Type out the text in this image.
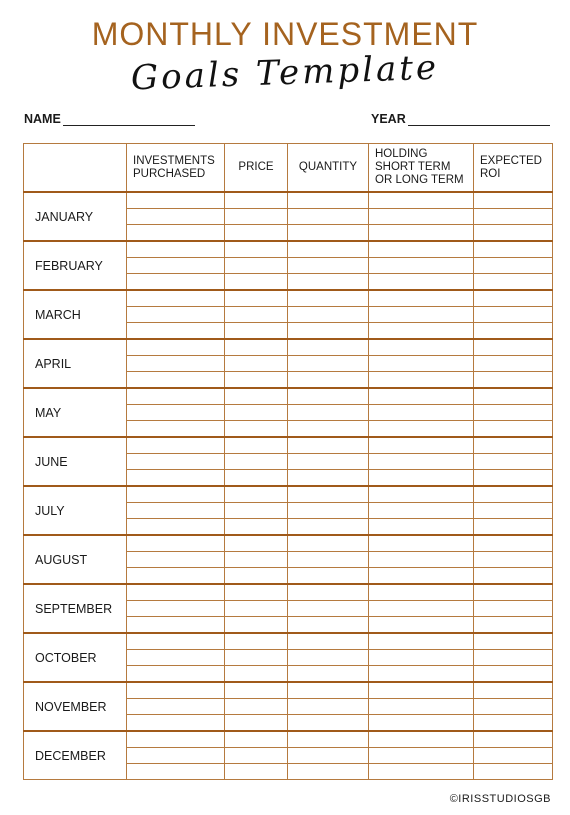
MONTHLY INVESTMENT
Goals Template
NAME	YEAR

	INVESTMENTS PURCHASED	PRICE	QUANTITY	HOLDING SHORT TERM OR LONG TERM	EXPECTED ROI

JANUARY					

FEBRUARY					

MARCH					

APRIL					

MAY					

JUNE					

JULY					

AUGUST					

SEPTEMBER					

OCTOBER					

NOVEMBER					

DECEMBER					

©IRISSTUDIOSGB
